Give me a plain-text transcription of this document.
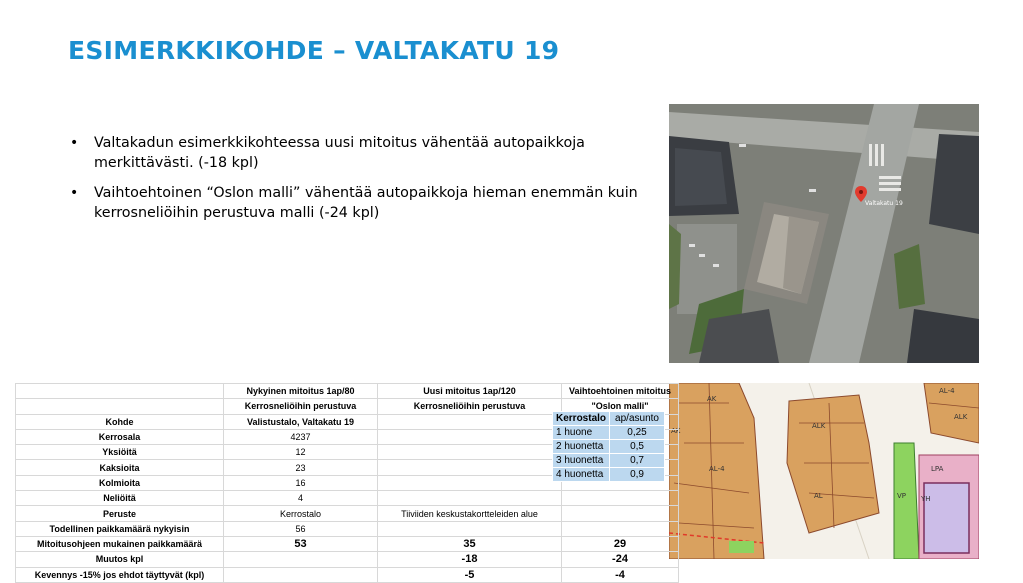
ESIMERKKIKOHDE – VALTAKATU 19
• Valtakadun esimerkkikohteessa uusi mitoitus vähentää autopaikkoja merkittävästi. (-18 kpl)
• Vaihtoehtoinen “Oslon malli” vähentää autopaikkoja hieman enemmän kuin kerrosneliöihin perustuva malli (-24 kpl)
Valtakatu 19
AK
AL-4
ALK
AL	VP
LPA
YH
AL-4
ALK
AK
	Nykyinen mitoitus 1ap/80	Uusi mitoitus 1ap/120	Vaihtoehtoinen mitoitus
	Kerrosneliöihin perustuva	Kerrosneliöihin perustuva	"Oslon malli"
Kohde	Valistustalo, Valtakatu 19		
Kerrosala	4237		
Yksiöitä	12		
Kaksioita	23		
Kolmioita	16		
Neliöitä	4		
Peruste	Kerrostalo	Tiiviiden keskustakortteleiden alue	
Todellinen paikkamäärä nykyisin	56		
Mitoitusohjeen mukainen paikkamäärä	53	35	29
Muutos kpl		-18	-24
Kevennys -15% jos ehdot täyttyvät (kpl)		-5	-4
Kerrostalo	ap/asunto
1 huone	0,25
2 huonetta	0,5
3 huonetta	0,7
4 huonetta	0,9
